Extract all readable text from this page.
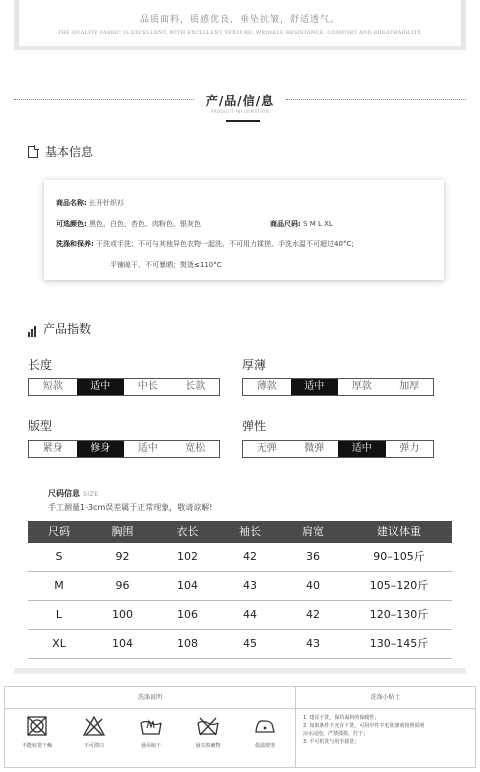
品质面料，质感优良，垂坠抗皱，舒适透气。
THE QUALITY FABRIC IS EXCELLENT, WITH EXCELLENT TEXTURE, WRINKLE RESISTANCE, COMFORT AND BREATHABILITY.
产/品/信/息
PRODUCT INFORMATION
基本信息
商品名称: 长开针织衫
可选颜色: 黑色、白色、杏色、肉粉色、银灰色	商品尺码: S M L XL
洗涤和保养: 干洗或手洗；不可与其他异色衣物一起洗、不可用力揉搓、手洗水温不可超过40°C;
平铺晾干、不可暴晒；熨烫≤110°C
产品指数
长度
短款	适中	中长	长款
厚薄
薄款	适中	厚款	加厚
版型
紧身	修身	适中	宽松
弹性
无弹	微弹	适中	弹力
尺码信息 SIZE
手工测量1-3cm误差属于正常现象，敬请谅解!
尺码	胸围	衣长	袖长	肩宽	建议体重
S	92	102	42	36	90–105斤
M	96	104	43	40	105–120斤
L	100	106	44	42	120–130斤
XL	104	108	45	43	130–145斤
洗涤说明	洗涤小贴士
不能转笼干燥	不可漂白	悬吊晾干	悬尖锐硬物	低温熨烫

1. 建议干洗，保持面料的保暖性；

2. 如果条件不允许干洗，可用中性羊毛洗涤剂按照说明

凉水浸泡，严禁揉搓、拧干；

3. 不可机洗与用手搓洗；
